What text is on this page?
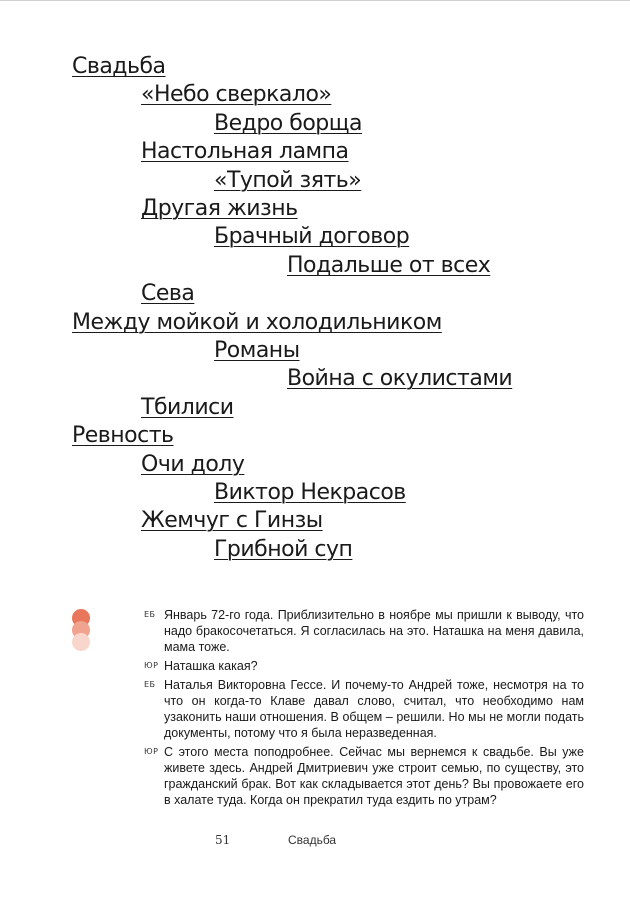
Свадьба
«Небо сверкало»
Ведро борща
Настольная лампа
«Тупой зять»
Другая жизнь
Брачный договор
Подальше от всех
Сева
Между мойкой и холодильником
Романы
Война с окулистами
Тбилиси
Ревность
Очи долу
Виктор Некрасов
Жемчуг с Гинзы
Грибной суп
ЕБ Январь 72-го года. Приблизительно в ноябре мы пришли к выводу, что надо бракосочетаться. Я согласилась на это. Наташка на меня давила, мама тоже.
ЮР Наташка какая?
ЕБ Наталья Викторовна Гессе. И почему-то Андрей тоже, несмотря на то что он когда-то Клаве давал слово, считал, что необходимо нам узаконить наши отношения. В общем – решили. Но мы не могли подать документы, потому что я была неразведенная.
ЮР С этого места поподробнее. Сейчас мы вернемся к свадьбе. Вы уже живете здесь. Андрей Дмитриевич уже строит семью, по существу, это гражданский брак. Вот как складывается этот день? Вы провожаете его в халате туда. Когда он прекратил туда ездить по утрам?
51	Свадьба
